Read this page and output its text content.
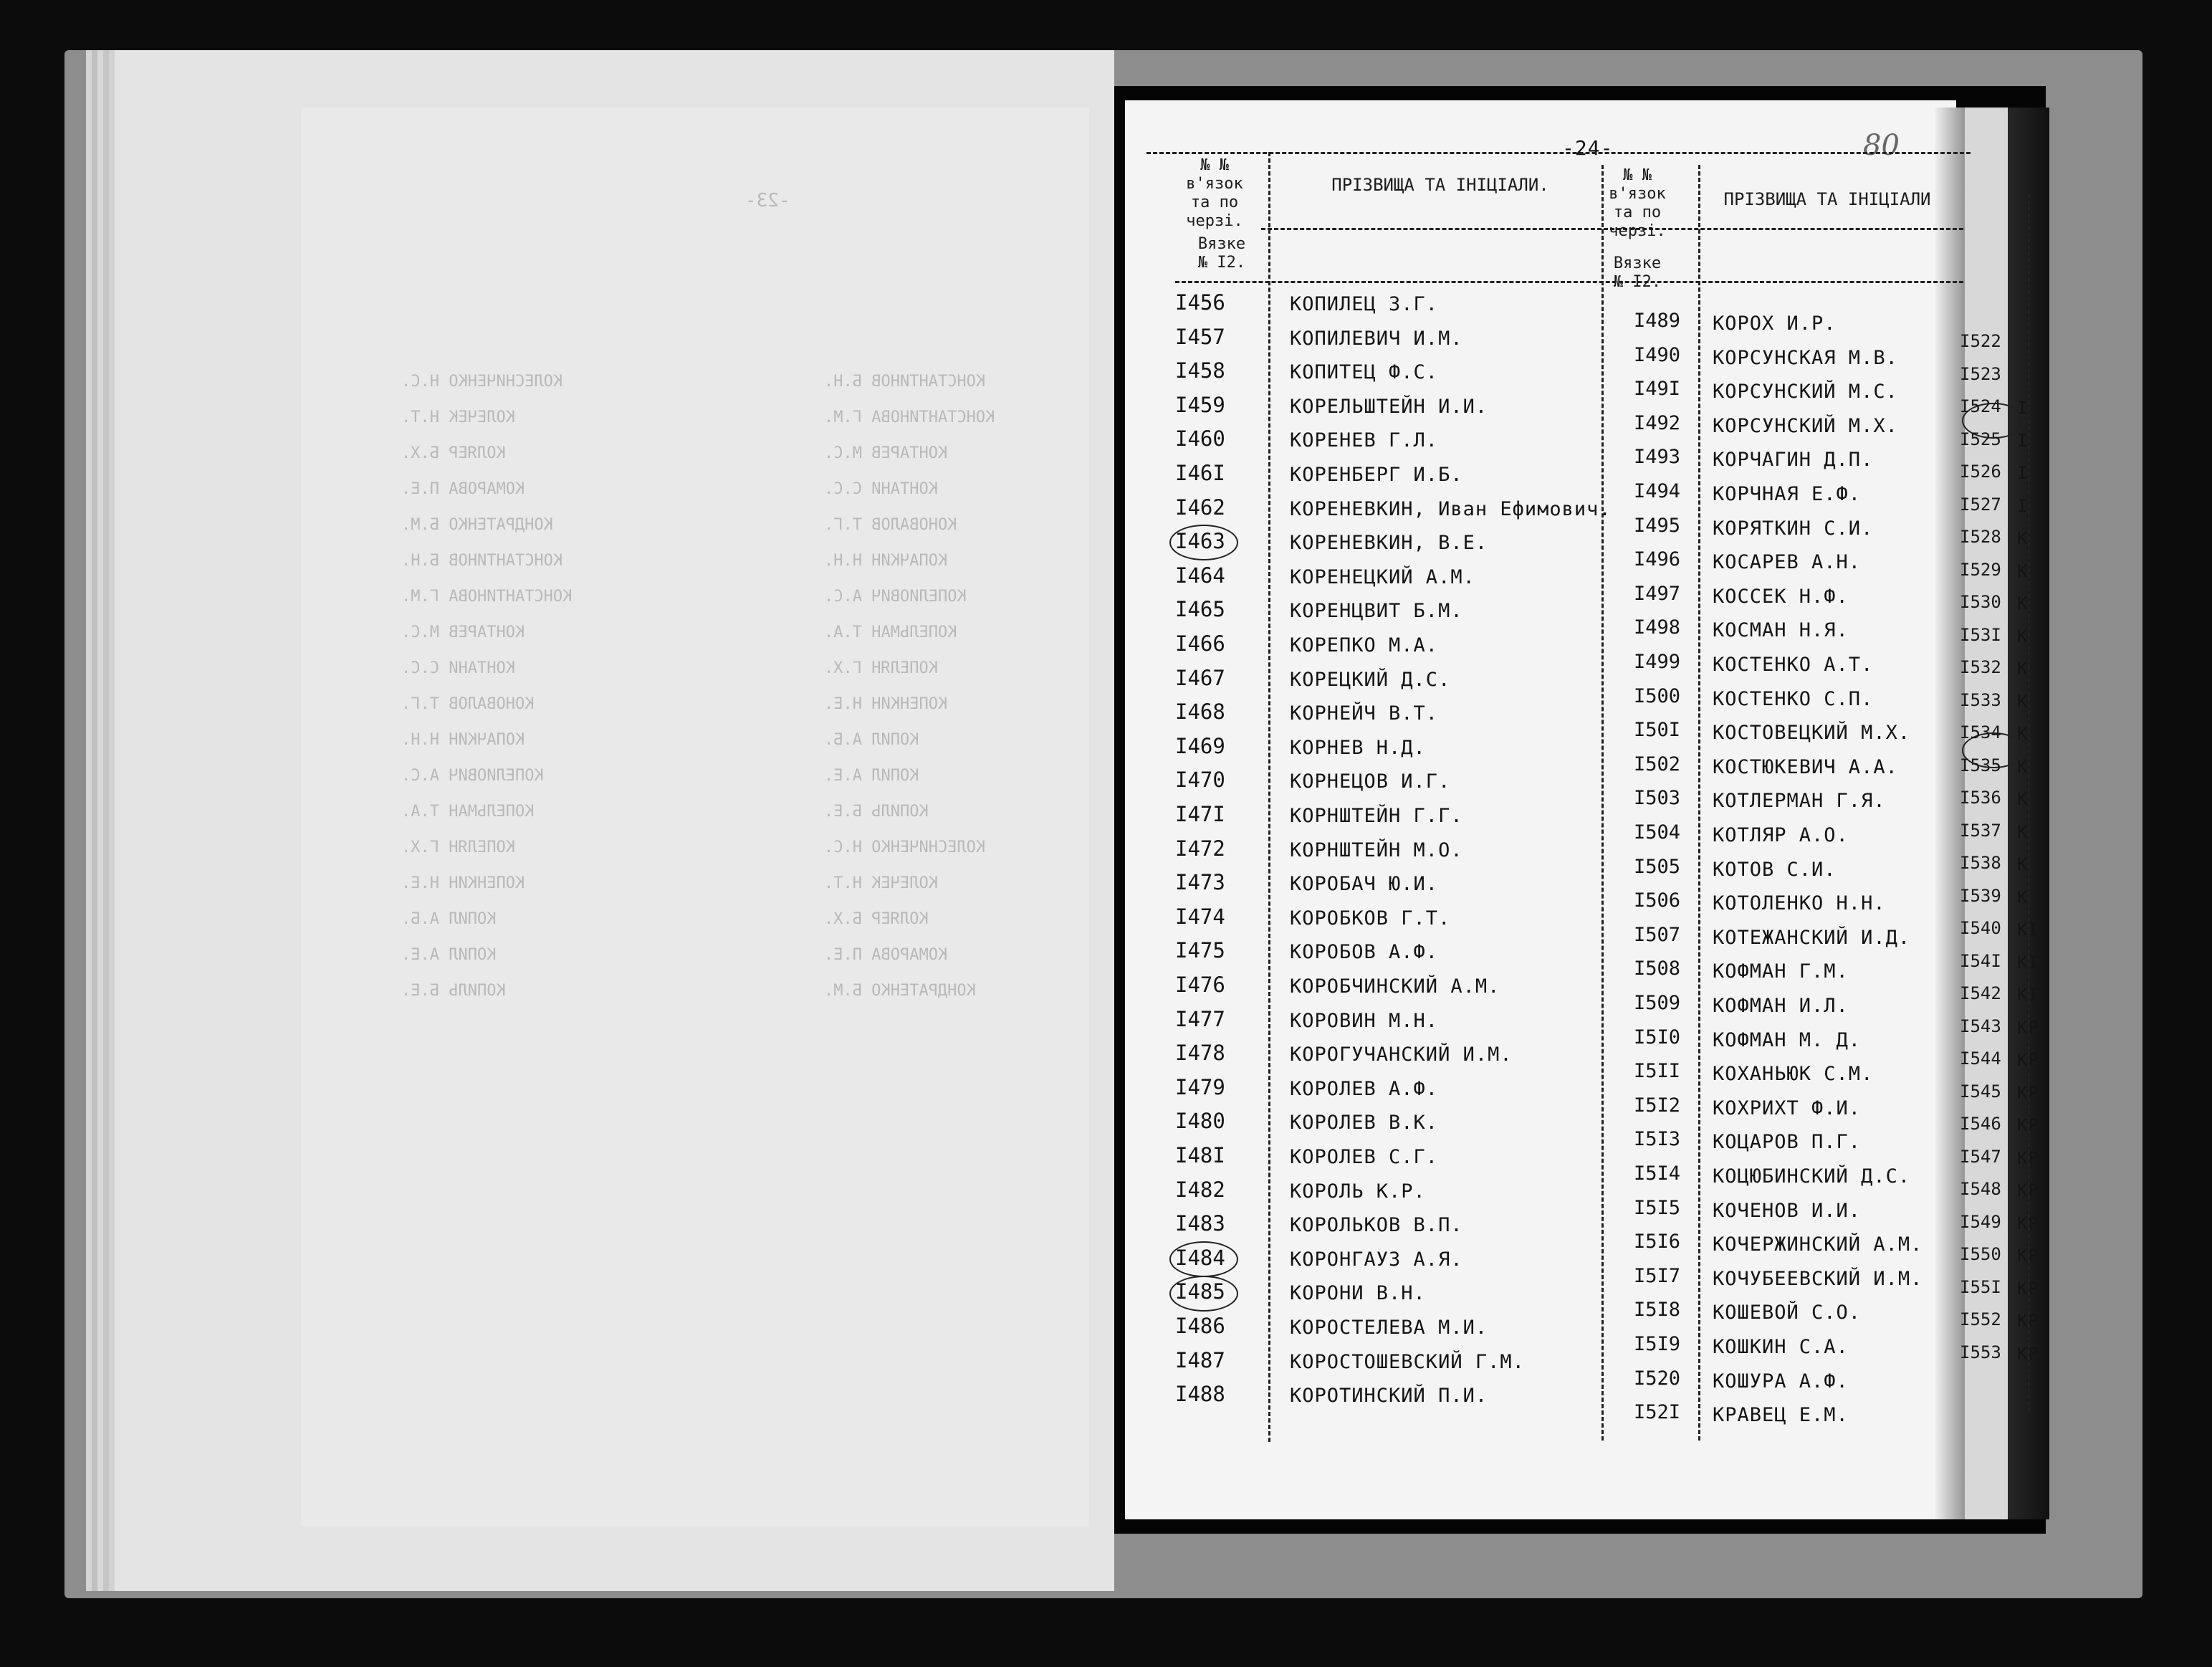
-23-
КОЛЕСНИЧЕНКО Н.С.	КОНСТАНТИНОВ Б.Н.
КОЛЕЧЕК Н.Т.	КОНСТАНТИНОВА Г.М.
КОЛЯЕР Б.Х.	КОНТАРЕВ М.С.
КОМАРОВА П.Е.	КОНТАНИ С.С.
КОНДРАТЕНКО Б.М.	КОНОВАЛОВ Т.Г.
КОНСТАНТИНОВ Б.Н.	КОПАЧКИН Н.Н.
КОНСТАНТИНОВА Г.М.	КОПЕЛИОВИЧ А.С.
КОНТАРЕВ М.С.	КОПЕЛЬМАН Т.А.
КОНТАНИ С.С.	КОПЕЛЯН Г.Х.
КОНОВАЛОВ Т.Г.	КОПЕНКИН Н.Е.
КОПАЧКИН Н.Н.	КОПИЛ А.Б.
КОПЕЛИОВИЧ А.С.	КОПИЛ А.Е.
КОПЕЛЬМАН Т.А.	КОПИЛЬ Б.Е.
КОПЕЛЯН Г.Х.	КОЛЕСНИЧЕНКО Н.С.
КОПЕНКИН Н.Е.	КОЛЕЧЕК Н.Т.
КОПИЛ А.Б.	КОЛЯЕР Б.Х.
КОПИЛ А.Е.	КОМАРОВА П.Е.
КОПИЛЬ Б.Е.	КОНДРАТЕНКО Б.М.
-24-	80
№ №
в'язок
та по
черзі.
Вязке
№ I2.
ПРІЗВИЩА ТА ІНІЦІАЛИ.	№ №
в'язок
та по
черзі.
Вязке
№ I2.
ПРІЗВИЩА ТА ІНІЦІАЛИ
I456	КОПИЛЕЦ З.Г.
I457	КОПИЛЕВИЧ И.М.
I458	КОПИТЕЦ Ф.С.
I459	КОРЕЛЬШТЕЙН И.И.
I460	КОРЕНЕВ Г.Л.
I46I	КОРЕНБЕРГ И.Б.
I462	КОРЕНЕВКИН, Иван Ефимович.
I463	КОРЕНЕВКИН, В.Е.
I464	КОРЕНЕЦКИЙ А.М.
I465	КОРЕНЦВИТ Б.М.
I466	КОРЕПКО М.А.
I467	КОРЕЦКИЙ Д.С.
I468	КОРНЕЙЧ В.Т.
I469	КОРНЕВ Н.Д.
I470	КОРНЕЦОВ И.Г.
I47I	КОРНШТЕЙН Г.Г.
I472	КОРНШТЕЙН М.О.
I473	КОРОБАЧ Ю.И.
I474	КОРОБКОВ Г.Т.
I475	КОРОБОВ А.Ф.
I476	КОРОБЧИНСКИЙ А.М.
I477	КОРОВИН М.Н.
I478	КОРОГУЧАНСКИЙ И.М.
I479	КОРОЛЕВ А.Ф.
I480	КОРОЛЕВ В.К.
I48I	КОРОЛЕВ С.Г.
I482	КОРОЛЬ К.Р.
I483	КОРОЛЬКОВ В.П.
I484	КОРОНГАУЗ А.Я.
I485	КОРОНИ В.Н.
I486	КОРОСТЕЛЕВА М.И.
I487	КОРОСТОШЕВСКИЙ Г.М.
I488	КОРОТИНСКИЙ П.И.
I489 КОРОХ И.Р.
I490 КОРСУНСКАЯ М.В.
I49I КОРСУНСКИЙ М.С.
I492 КОРСУНСКИЙ М.Х.
I493 КОРЧАГИН Д.П.
I494 КОРЧНАЯ Е.Ф.
I495 КОРЯТКИН С.И.
I496 КОСАРЕВ А.Н.
I497 КОССЕК Н.Ф.
I498 КОСМАН Н.Я.
I499 КОСТЕНКО А.Т.
I500 КОСТЕНКО С.П.
I50I КОСТОВЕЦКИЙ М.Х.
I502 КОСТЮКЕВИЧ А.А.
I503 КОТЛЕРМАН Г.Я.
I504 КОТЛЯР А.О.
I505 КОТОВ С.И.
I506 КОТОЛЕНКО Н.Н.
I507 КОТЕЖАНСКИЙ И.Д.
I508 КОФМАН Г.М.
I509 КОФМАН И.Л.
I5I0 КОФМАН М. Д.
I5II КОХАНЬЮК С.М.
I5I2 КОХРИХТ Ф.И.
I5I3 КОЦАРОВ П.Г.
I5I4 КОЦЮБИНСКИЙ Д.С.
I5I5 КОЧЕНОВ И.И.
I5I6 КОЧЕРЖИНСКИЙ А.М.
I5I7 КОЧУБЕЕВСКИЙ И.М.
I5I8 КОШЕВОЙ С.О.
I5I9 КОШКИН С.А.
I520 КОШУРА А.Ф.
I52I КРАВЕЦ Е.М.
I522
I523
I524 I
I525 I
I526 I
I527 I
I528 К
I529 К
I530 К
I53I К
I532 К
I533 К
I534 К
I535 К
I536 К
I537 К
I538 К
I539 К
I540 КІ
I54I КІ
I542 КІ
I543 КР
I544 КР
I545 КР
I546 КР
I547 КР
I548 КР
I549 КР
I550 КР
I55I КР
I552 КР
I553 КР
